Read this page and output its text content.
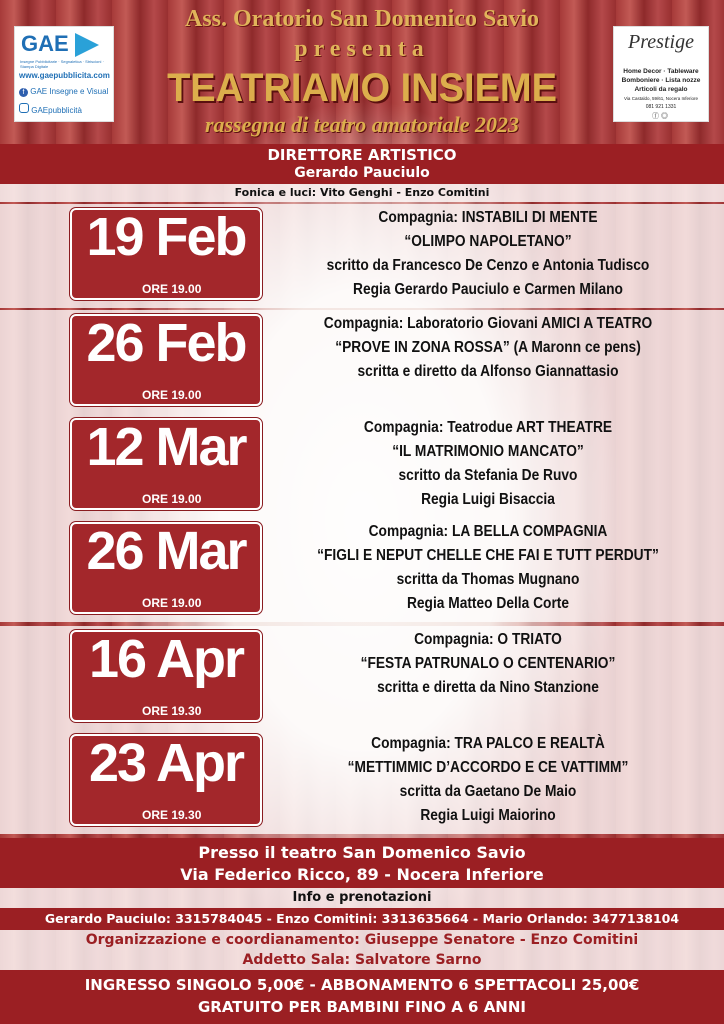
GAE
Insegne Pubblicitarie · Segnaletica · Striscioni · Stampa Digitale
www.gaepubblicita.com
f GAE Insegne e Visual
GAEpubblicità
Prestige
Home Decor · Tableware
Bomboniere · Lista nozze
Articoli da regalo
Via Castaldo, 59/61, Nocera Inferiore
081 921 1331
ⓕ ◎
Ass. Oratorio San Domenico Savio
presenta
TEATRIAMO INSIEME
rassegna di teatro amatoriale 2023
DIRETTORE ARTISTICO
Gerardo Pauciulo
Fonica e luci: Vito Genghi - Enzo Comitini
19 Feb
ORE 19.00
Compagnia: INSTABILI DI MENTE
“OLIMPO NAPOLETANO”
scritto da Francesco De Cenzo e Antonia Tudisco
Regia Gerardo Pauciulo e Carmen Milano
26 Feb
ORE 19.00
Compagnia: Laboratorio Giovani AMICI A TEATRO
“PROVE IN ZONA ROSSA” (A Maronn ce pens)
scritta e diretto da Alfonso Giannattasio
12 Mar
ORE 19.00
Compagnia: Teatrodue ART THEATRE
“IL MATRIMONIO MANCATO”
scritto da Stefania De Ruvo
Regia Luigi Bisaccia
26 Mar
ORE 19.00
Compagnia: LA BELLA COMPAGNIA
“FIGLI E NEPUT CHELLE CHE FAI E TUTT PERDUT”
scritta da Thomas Mugnano
Regia Matteo Della Corte
16 Apr
ORE 19.30
Compagnia: O TRIATO
“FESTA PATRUNALO O CENTENARIO”
scritta e diretta da Nino Stanzione
23 Apr
ORE 19.30
Compagnia: TRA PALCO E REALTÀ
“METTIMMIC D’ACCORDO E CE VATTIMM”
scritta da Gaetano De Maio
Regia Luigi Maiorino
Presso il teatro San Domenico Savio
Via Federico Ricco, 89 - Nocera Inferiore
Info e prenotazioni
Gerardo Pauciulo: 3315784045 - Enzo Comitini: 3313635664 - Mario Orlando: 3477138104
Organizzazione e coordianamento: Giuseppe Senatore - Enzo Comitini
Addetto Sala: Salvatore Sarno
INGRESSO SINGOLO 5,00€ - ABBONAMENTO 6 SPETTACOLI 25,00€
GRATUITO PER BAMBINI FINO A 6 ANNI
